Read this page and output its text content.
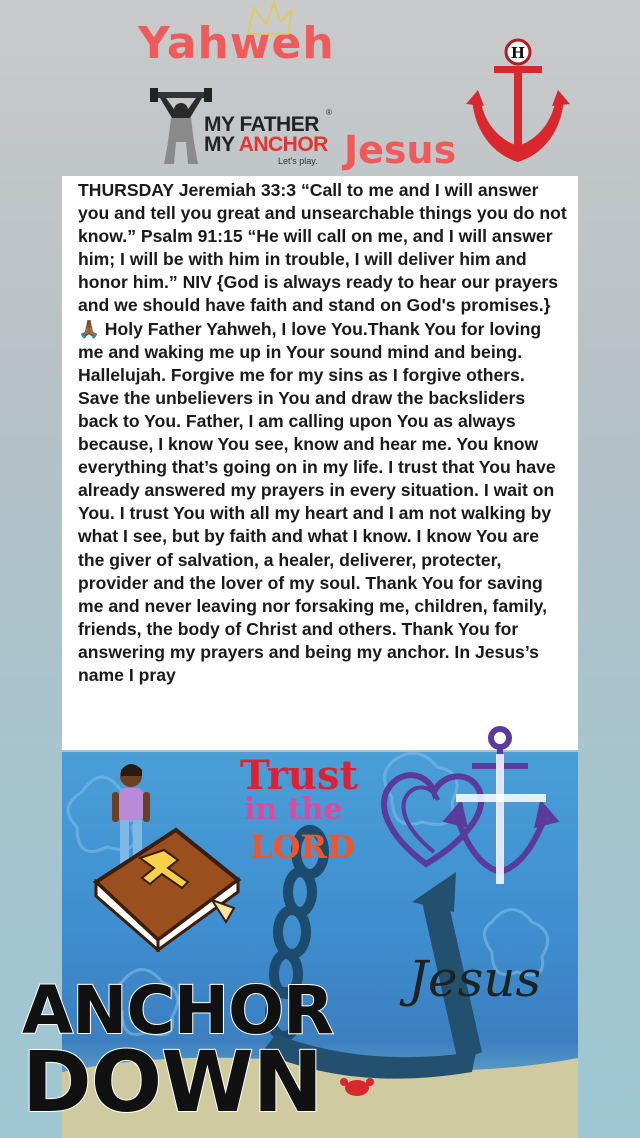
Yahweh
MY FATHER
MY ANCHOR
Let's play.
®
Jesus
H

THURSDAY Jeremiah 33:3 “Call to me and I will answer you and tell you great and unsearchable things you do not know.” Psalm 91:15 “He will call on me, and I will answer him; I will be with him in trouble, I will deliver him and honor him.” NIV {God is always ready to hear our prayers and we should have faith and stand on God's promises.} 🙏🏾 Holy Father Yahweh, I love You.Thank You for loving me and waking me up in Your sound mind and being. Hallelujah. Forgive me for my sins as I forgive others. Save the unbelievers in You and draw the backsliders back to You. Father, I am calling upon You as always because, I know You see, know and hear me. You know everything that’s going on in my life. I trust that You have already answered my prayers in every situation. I wait on You. I trust You with all my heart and I am not walking by what I see, but by faith and what I know. I know You are the giver of salvation, a healer, deliverer, protecter, provider and the lover of my soul. Thank You for saving me and never leaving nor forsaking me, children, family, friends, the body of Christ and others. Thank You for answering my prayers and being my anchor. In Jesus’s name I pray

Trust
in the
LORD
Jesus
ANCHOR
DOWN
